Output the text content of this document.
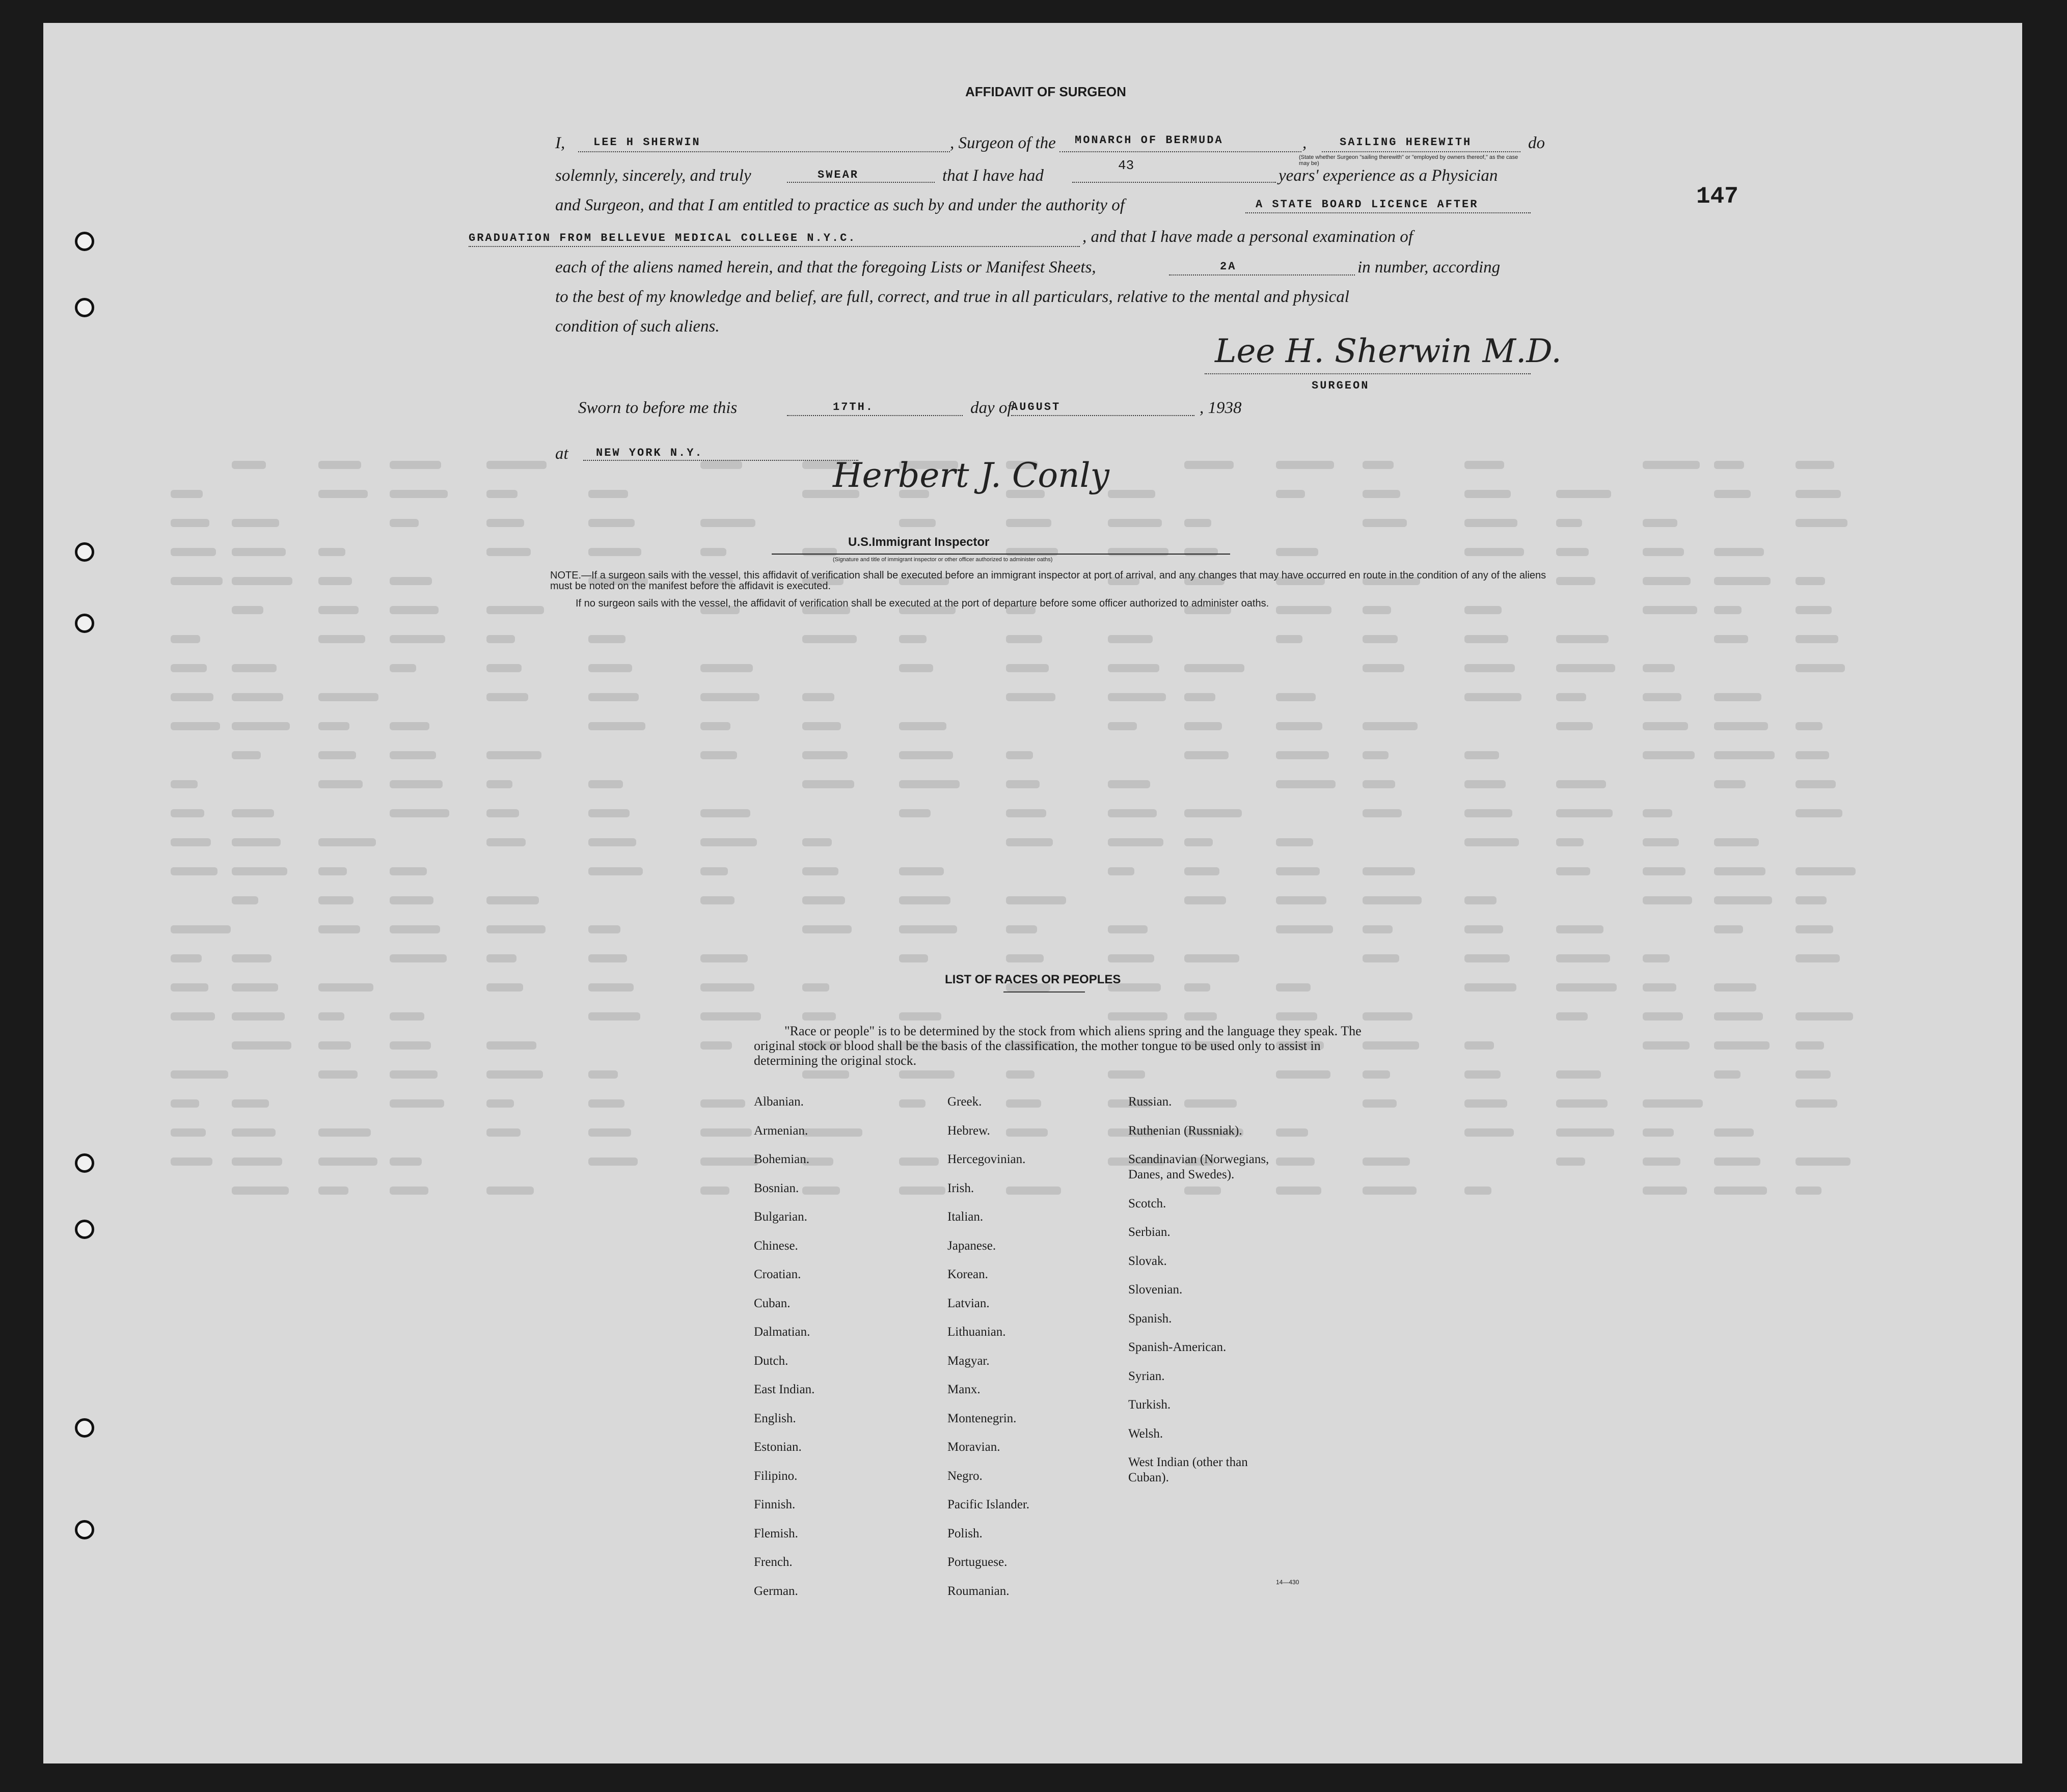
AFFIDAVIT OF SURGEON
I,	LEE H SHERWIN	, Surgeon of the MONARCH OF BERMUDA	,	SAILING HEREWITH	do
(State whether Surgeon "sailing therewith" or "employed by owners thereof," as the case may be)
solemnly, sincerely, and truly	SWEAR	that I have had
43
years' experience as a Physician
and Surgeon, and that I am entitled to practice as such by and under the authority of	A STATE BOARD LICENCE AFTER
GRADUATION FROM BELLEVUE MEDICAL COLLEGE N.Y.C.	, and that I have made a personal examination of
each of the aliens named herein, and that the foregoing Lists or Manifest Sheets,	2A	in number, according
to the best of my knowledge and belief, are full, correct, and true in all particulars, relative to the mental and physical
condition of such aliens.
Lee H. Sherwin M.D.
SURGEON
Sworn to before me this	17TH.	day of
AUGUST	, 1938
at NEW YORK N.Y.
Herbert J. Conly
U.S.Immigrant Inspector
(Signature and title of immigrant inspector or other officer authorized to administer oaths)
NOTE.—If a surgeon sails with the vessel, this affidavit of verification shall be executed before an immigrant inspector at port of arrival, and any changes that may have occurred en route in the condition of any of the aliens must be noted on the manifest before the affidavit is executed.
If no surgeon sails with the vessel, the affidavit of verification shall be executed at the port of departure before some officer authorized to administer oaths.
147
LIST OF RACES OR PEOPLES
"Race or people" is to be determined by the stock from which aliens spring and the language they speak. The original stock or blood shall be the basis of the classification, the mother tongue to be used only to assist in determining the original stock.
14—430
Albanian.
Armenian.
Bohemian.
Bosnian.
Bulgarian.
Chinese.
Croatian.
Cuban.
Dalmatian.
Dutch.
East Indian.
English.
Estonian.
Filipino.
Finnish.
Flemish.
French.
German.
Greek.
Hebrew.
Hercegovinian.
Irish.
Italian.
Japanese.
Korean.
Latvian.
Lithuanian.
Magyar.
Manx.
Montenegrin.
Moravian.
Negro.
Pacific Islander.
Polish.
Portuguese.
Roumanian.
Russian.
Ruthenian (Russniak).
Scandinavian (Norwegians,
Danes, and Swedes).
Scotch.
Serbian.
Slovak.
Slovenian.
Spanish.
Spanish-American.
Syrian.
Turkish.
Welsh.
West Indian (other than
Cuban).
